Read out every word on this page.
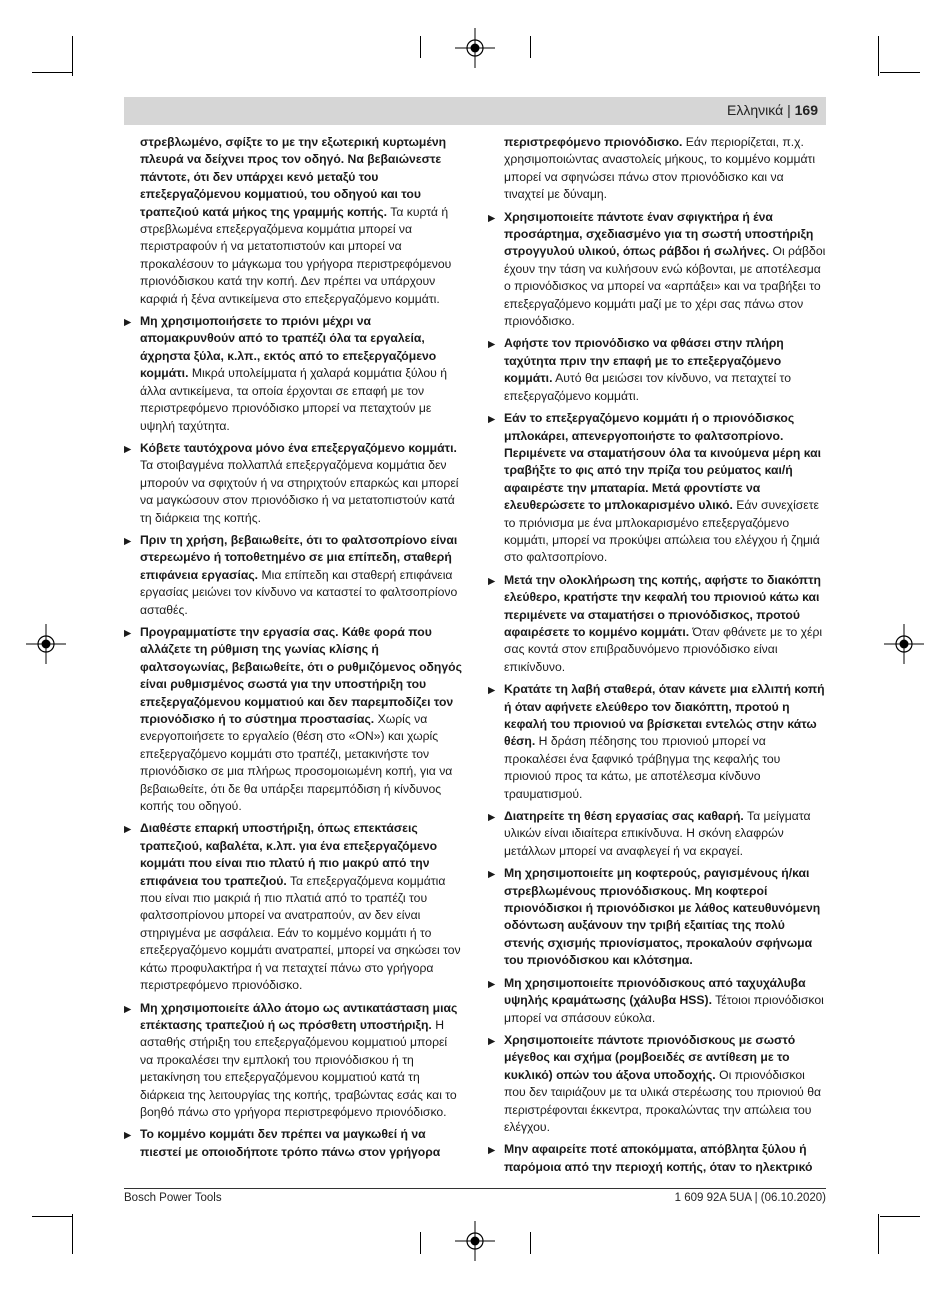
Ελληνικά | 169
στρεβλωμένο, σφίξτε το με την εξωτερική κυρτωμένη πλευρά να δείχνει προς τον οδηγό. Να βεβαιώνεστε πάντοτε, ότι δεν υπάρχει κενό μεταξύ του επεξεργαζόμενου κομματιού, του οδηγού και του τραπεζιού κατά μήκος της γραμμής κοπής. Τα κυρτά ή στρεβλωμένα επεξεργαζόμενα κομμάτια μπορεί να περιστραφούν ή να μετατοπιστούν και μπορεί να προκαλέσουν το μάγκωμα του γρήγορα περιστρεφόμενου πριονόδισκου κατά την κοπή. Δεν πρέπει να υπάρχουν καρφιά ή ξένα αντικείμενα στο επεξεργαζόμενο κομμάτι.
▶ Μη χρησιμοποιήσετε το πριόνι μέχρι να απομακρυνθούν από το τραπέζι όλα τα εργαλεία, άχρηστα ξύλα, κ.λπ., εκτός από το επεξεργαζόμενο κομμάτι. Μικρά υπολείμματα ή χαλαρά κομμάτια ξύλου ή άλλα αντικείμενα, τα οποία έρχονται σε επαφή με τον περιστρεφόμενο πριονόδισκο μπορεί να πεταχτούν με υψηλή ταχύτητα.
▶ Κόβετε ταυτόχρονα μόνο ένα επεξεργαζόμενο κομμάτι. Τα στοιβαγμένα πολλαπλά επεξεργαζόμενα κομμάτια δεν μπορούν να σφιχτούν ή να στηριχτούν επαρκώς και μπορεί να μαγκώσουν στον πριονόδισκο ή να μετατοπιστούν κατά τη διάρκεια της κοπής.
▶ Πριν τη χρήση, βεβαιωθείτε, ότι το φαλτσοπρίονο είναι στερεωμένο ή τοποθετημένο σε μια επίπεδη, σταθερή επιφάνεια εργασίας. Μια επίπεδη και σταθερή επιφάνεια εργασίας μειώνει τον κίνδυνο να καταστεί το φαλτσοπρίονο ασταθές.
▶ Προγραμματίστε την εργασία σας. Κάθε φορά που αλλάζετε τη ρύθμιση της γωνίας κλίσης ή φαλτσογωνίας, βεβαιωθείτε, ότι ο ρυθμιζόμενος οδηγός είναι ρυθμισμένος σωστά για την υποστήριξη του επεξεργαζόμενου κομματιού και δεν παρεμποδίζει τον πριονόδισκο ή το σύστημα προστασίας. Χωρίς να ενεργοποιήσετε το εργαλείο (θέση στο «ON») και χωρίς επεξεργαζόμενο κομμάτι στο τραπέζι, μετακινήστε τον πριονόδισκο σε μια πλήρως προσομοιωμένη κοπή, για να βεβαιωθείτε, ότι δε θα υπάρξει παρεμπόδιση ή κίνδυνος κοπής του οδηγού.
▶ Διαθέστε επαρκή υποστήριξη, όπως επεκτάσεις τραπεζιού, καβαλέτα, κ.λπ. για ένα επεξεργαζόμενο κομμάτι που είναι πιο πλατύ ή πιο μακρύ από την επιφάνεια του τραπεζιού. Τα επεξεργαζόμενα κομμάτια που είναι πιο μακριά ή πιο πλατιά από το τραπέζι του φαλτσοπρίονου μπορεί να ανατραπούν, αν δεν είναι στηριγμένα με ασφάλεια. Εάν το κομμένο κομμάτι ή το επεξεργαζόμενο κομμάτι ανατραπεί, μπορεί να σηκώσει τον κάτω προφυλακτήρα ή να πεταχτεί πάνω στο γρήγορα περιστρεφόμενο πριονόδισκο.
▶ Μη χρησιμοποιείτε άλλο άτομο ως αντικατάσταση μιας επέκτασης τραπεζιού ή ως πρόσθετη υποστήριξη. Η ασταθής στήριξη του επεξεργαζόμενου κομματιού μπορεί να προκαλέσει την εμπλοκή του πριονόδισκου ή τη μετακίνηση του επεξεργαζόμενου κομματιού κατά τη διάρκεια της λειτουργίας της κοπής, τραβώντας εσάς και το βοηθό πάνω στο γρήγορα περιστρεφόμενο πριονόδισκο.
▶ Το κομμένο κομμάτι δεν πρέπει να μαγκωθεί ή να πιεστεί με οποιοδήποτε τρόπο πάνω στον γρήγορα
περιστρεφόμενο πριονόδισκο. Εάν περιορίζεται, π.χ. χρησιμοποιώντας αναστολείς μήκους, το κομμένο κομμάτι μπορεί να σφηνώσει πάνω στον πριονόδισκο και να τιναχτεί με δύναμη.
▶ Χρησιμοποιείτε πάντοτε έναν σφιγκτήρα ή ένα προσάρτημα, σχεδιασμένο για τη σωστή υποστήριξη στρογγυλού υλικού, όπως ράβδοι ή σωλήνες. Οι ράβδοι έχουν την τάση να κυλήσουν ενώ κόβονται, με αποτέλεσμα ο πριονόδισκος να μπορεί να «αρπάξει» και να τραβήξει το επεξεργαζόμενο κομμάτι μαζί με το χέρι σας πάνω στον πριονόδισκο.
▶ Αφήστε τον πριονόδισκο να φθάσει στην πλήρη ταχύτητα πριν την επαφή με το επεξεργαζόμενο κομμάτι. Αυτό θα μειώσει τον κίνδυνο, να πεταχτεί το επεξεργαζόμενο κομμάτι.
▶ Εάν το επεξεργαζόμενο κομμάτι ή ο πριονόδισκος μπλοκάρει, απενεργοποιήστε το φαλτσοπρίονο. Περιμένετε να σταματήσουν όλα τα κινούμενα μέρη και τραβήξτε το φις από την πρίζα του ρεύματος και/ή αφαιρέστε την μπαταρία. Μετά φροντίστε να ελευθερώσετε το μπλοκαρισμένο υλικό. Εάν συνεχίσετε το πριόνισμα με ένα μπλοκαρισμένο επεξεργαζόμενο κομμάτι, μπορεί να προκύψει απώλεια του ελέγχου ή ζημιά στο φαλτσοπρίονο.
▶ Μετά την ολοκλήρωση της κοπής, αφήστε το διακόπτη ελεύθερο, κρατήστε την κεφαλή του πριονιού κάτω και περιμένετε να σταματήσει ο πριονόδισκος, προτού αφαιρέσετε το κομμένο κομμάτι. Όταν φθάνετε με το χέρι σας κοντά στον επιβραδυνόμενο πριονόδισκο είναι επικίνδυνο.
▶ Κρατάτε τη λαβή σταθερά, όταν κάνετε μια ελλιπή κοπή ή όταν αφήνετε ελεύθερο τον διακόπτη, προτού η κεφαλή του πριονιού να βρίσκεται εντελώς στην κάτω θέση. Η δράση πέδησης του πριονιού μπορεί να προκαλέσει ένα ξαφνικό τράβηγμα της κεφαλής του πριονιού προς τα κάτω, με αποτέλεσμα κίνδυνο τραυματισμού.
▶ Διατηρείτε τη θέση εργασίας σας καθαρή. Τα μείγματα υλικών είναι ιδιαίτερα επικίνδυνα. Η σκόνη ελαφρών μετάλλων μπορεί να αναφλεγεί ή να εκραγεί.
▶ Μη χρησιμοποιείτε μη κοφτερούς, ραγισμένους ή/και στρεβλωμένους πριονόδισκους. Μη κοφτεροί πριονόδισκοι ή πριονόδισκοι με λάθος κατευθυνόμενη οδόντωση αυξάνουν την τριβή εξαιτίας της πολύ στενής σχισμής πριονίσματος, προκαλούν σφήνωμα του πριονόδισκου και κλότσημα.
▶ Μη χρησιμοποιείτε πριονόδισκους από ταχυχάλυβα υψηλής κραμάτωσης (χάλυβα HSS). Τέτοιοι πριονόδισκοι μπορεί να σπάσουν εύκολα.
▶ Χρησιμοποιείτε πάντοτε πριονόδισκους με σωστό μέγεθος και σχήμα (ρομβοειδές σε αντίθεση με το κυκλικό) οπών του άξονα υποδοχής. Οι πριονόδισκοι που δεν ταιριάζουν με τα υλικά στερέωσης του πριονιού θα περιστρέφονται έκκεντρα, προκαλώντας την απώλεια του ελέγχου.
▶ Μην αφαιρείτε ποτέ αποκόμματα, απόβλητα ξύλου ή παρόμοια από την περιοχή κοπής, όταν το ηλεκτρικό
Bosch Power Tools	1 609 92A 5UA | (06.10.2020)
